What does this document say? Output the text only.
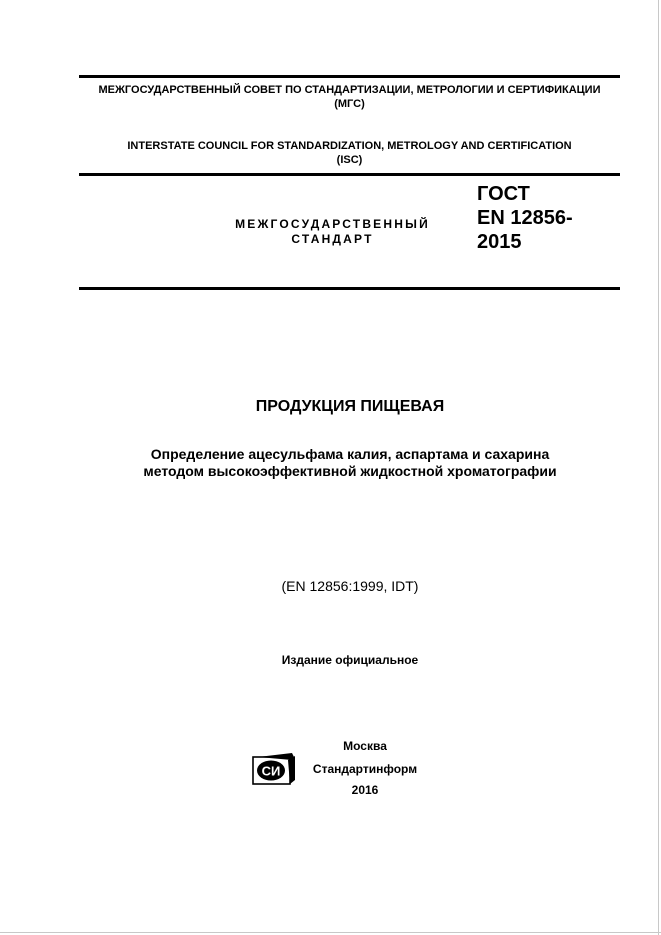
МЕЖГОСУДАРСТВЕННЫЙ СОВЕТ ПО СТАНДАРТИЗАЦИИ, МЕТРОЛОГИИ И СЕРТИФИКАЦИИ
(МГС)
INTERSTATE COUNCIL FOR STANDARDIZATION, METROLOGY AND CERTIFICATION
(ISC)
МЕЖГОСУДАРСТВЕННЫЙ
СТАНДАРТ
ГОСТ
EN 12856-
2015
ПРОДУКЦИЯ ПИЩЕВАЯ
Определение ацесульфама калия, аспартама и сахарина
методом высокоэффективной жидкостной хроматографии
(EN 12856:1999, IDT)
Издание официальное
СИ
Москва
Стандартинформ
2016
